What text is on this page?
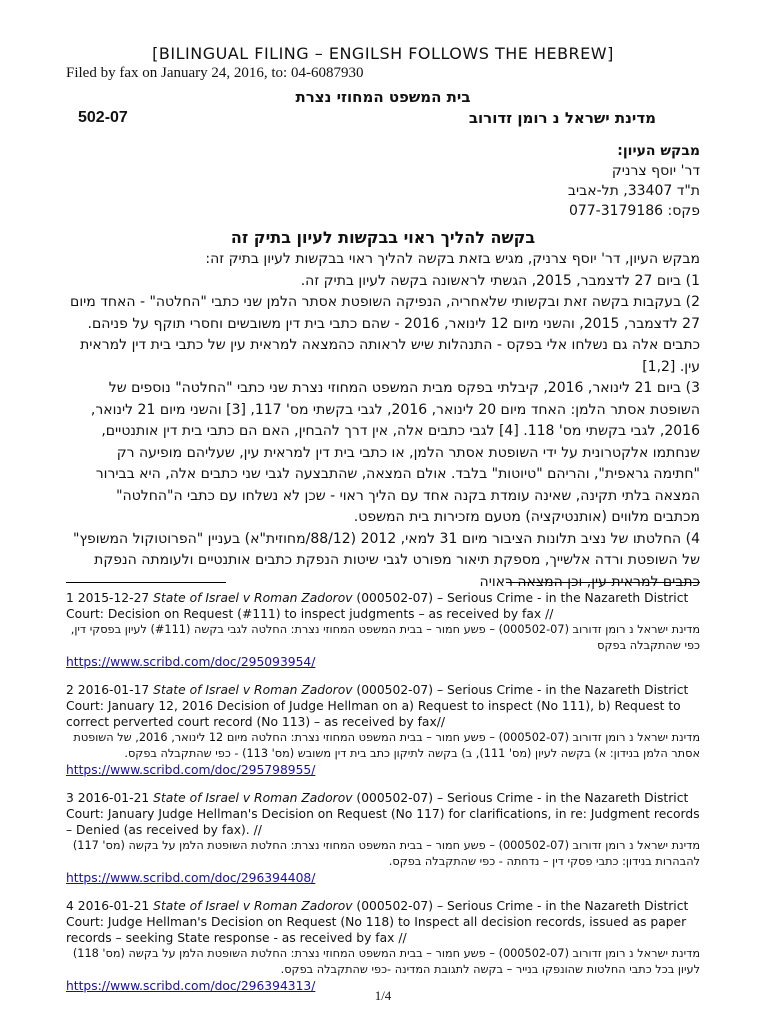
[BILINGUAL FILING – ENGILSH FOLLOWS THE HEBREW]
Filed by fax on January 24, 2016, to: 04-6087930
בית המשפט המחוזי נצרת
502-07	מדינת ישראל נ רומן זדורוב
מבקש העיון:
דר' יוסף צרניק
ת"ד 33407, תל-אביב
פקס: 077-3179186
בקשה להליך ראוי בבקשות לעיון בתיק זה

מבקש העיון, דר' יוסף צרניק, מגיש בזאת בקשה להליך ראוי בבקשות לעיון בתיק זה:

1) ביום 27 לדצמבר, 2015, הגשתי לראשונה בקשה לעיון בתיק זה.

2) בעקבות בקשה זאת ובקשותי שלאחריה, הנפיקה השופטת אסתר הלמן שני כתבי "החלטה" - האחד מיום 27 לדצמבר, 2015, והשני מיום 12 לינואר, 2016 - שהם כתבי בית דין משובשים וחסרי תוקף על פניהם. כתבים אלה גם נשלחו אלי בפקס - התנהלות שיש לראותה כהמצאה למראית עין של כתבי בית דין למראית עין. [1,2]

3) ביום 21 לינואר, 2016, קיבלתי בפקס מבית המשפט המחוזי נצרת שני כתבי "החלטה" נוספים של השופטת אסתר הלמן: האחד מיום 20 לינואר, 2016, לגבי בקשתי מס' 117, [3] והשני מיום 21 לינואר, 2016, לגבי בקשתי מס' 118. [4] לגבי כתבים אלה, אין דרך להבחין, האם הם כתבי בית דין אותנטיים, שנחתמו אלקטרונית על ידי השופטת אסתר הלמן, או כתבי בית דין למראית עין, שעליהם מופיעה רק "חתימה גראפית", והריהם "טיוטות" בלבד. אולם המצאה, שהתבצעה לגבי שני כתבים אלה, היא בבירור המצאה בלתי תקינה, שאינה עומדת בקנה אחד עם הליך ראוי - שכן לא נשלחו עם כתבי ה"החלטה" מכתבים מלווים (אותנטיקציה) מטעם מזכירות בית המשפט.

4) החלטתו של נציב תלונות הציבור מיום 31 למאי, 2012 (88/12/מחוזית"א) בעניין "הפרוטוקול המשופץ" של השופטת ורדה אלשייך, מספקת תיאור מפורט לגבי שיטות הנפקת כתבים אותנטיים ולעומתה הנפקת כתבים למראית עין, וכן המצאה ראויה

1 2015-12-27 State of Israel v Roman Zadorov (000502-07) – Serious Crime - in the Nazareth District Court: Decision on Request (#111) to inspect judgments – as received by fax //

מדינת ישראל נ רומן זדורוב (000502-07) – פשע חמור – בבית המשפט המחוזי נצרת: החלטה לגבי בקשה (#111) לעיון בפסקי דין, כפי שהתקבלה בפקס

https://www.scribd.com/doc/295093954/

2 2016-01-17 State of Israel v Roman Zadorov (000502-07) – Serious Crime - in the Nazareth District Court: January 12, 2016 Decision of Judge Hellman on a) Request to inspect (No 111), b) Request to correct perverted court record (No 113) – as received by fax//

מדינת ישראל נ רומן זדורוב (000502-07) – פשע חמור – בבית המשפט המחוזי נצרת: החלטה מיום 12 לינואר, 2016, של השופטת אסתר הלמן בנידון: א) בקשה לעיון (מס' 111), ב) בקשה לתיקון כתב בית דין משובש (מס' 113) - כפי שהתקבלה בפקס.

https://www.scribd.com/doc/295798955/

3 2016-01-21 State of Israel v Roman Zadorov (000502-07) – Serious Crime - in the Nazareth District Court: January Judge Hellman's Decision on Request (No 117) for clarifications, in re: Judgment records – Denied (as received by fax). //

מדינת ישראל נ רומן זדורוב (000502-07) – פשע חמור – בבית המשפט המחוזי נצרת: החלטת השופטת הלמן על בקשה (מס' 117) להבהרות בנידון: כתבי פסקי דין – נדחתה - כפי שהתקבלה בפקס.

https://www.scribd.com/doc/296394408/

4 2016-01-21 State of Israel v Roman Zadorov (000502-07) – Serious Crime - in the Nazareth District Court: Judge Hellman's Decision on Request (No 118) to Inspect all decision records, issued as paper records – seeking State response - as received by fax //

מדינת ישראל נ רומן זדורוב (000502-07) – פשע חמור – בבית המשפט המחוזי נצרת: החלטת השופטת הלמן על בקשה (מס' 118) לעיון בכל כתבי החלטות שהונפקו בנייר – בקשה לתגובת המדינה -כפי שהתקבלה בפקס.

https://www.scribd.com/doc/296394313/

1/4
